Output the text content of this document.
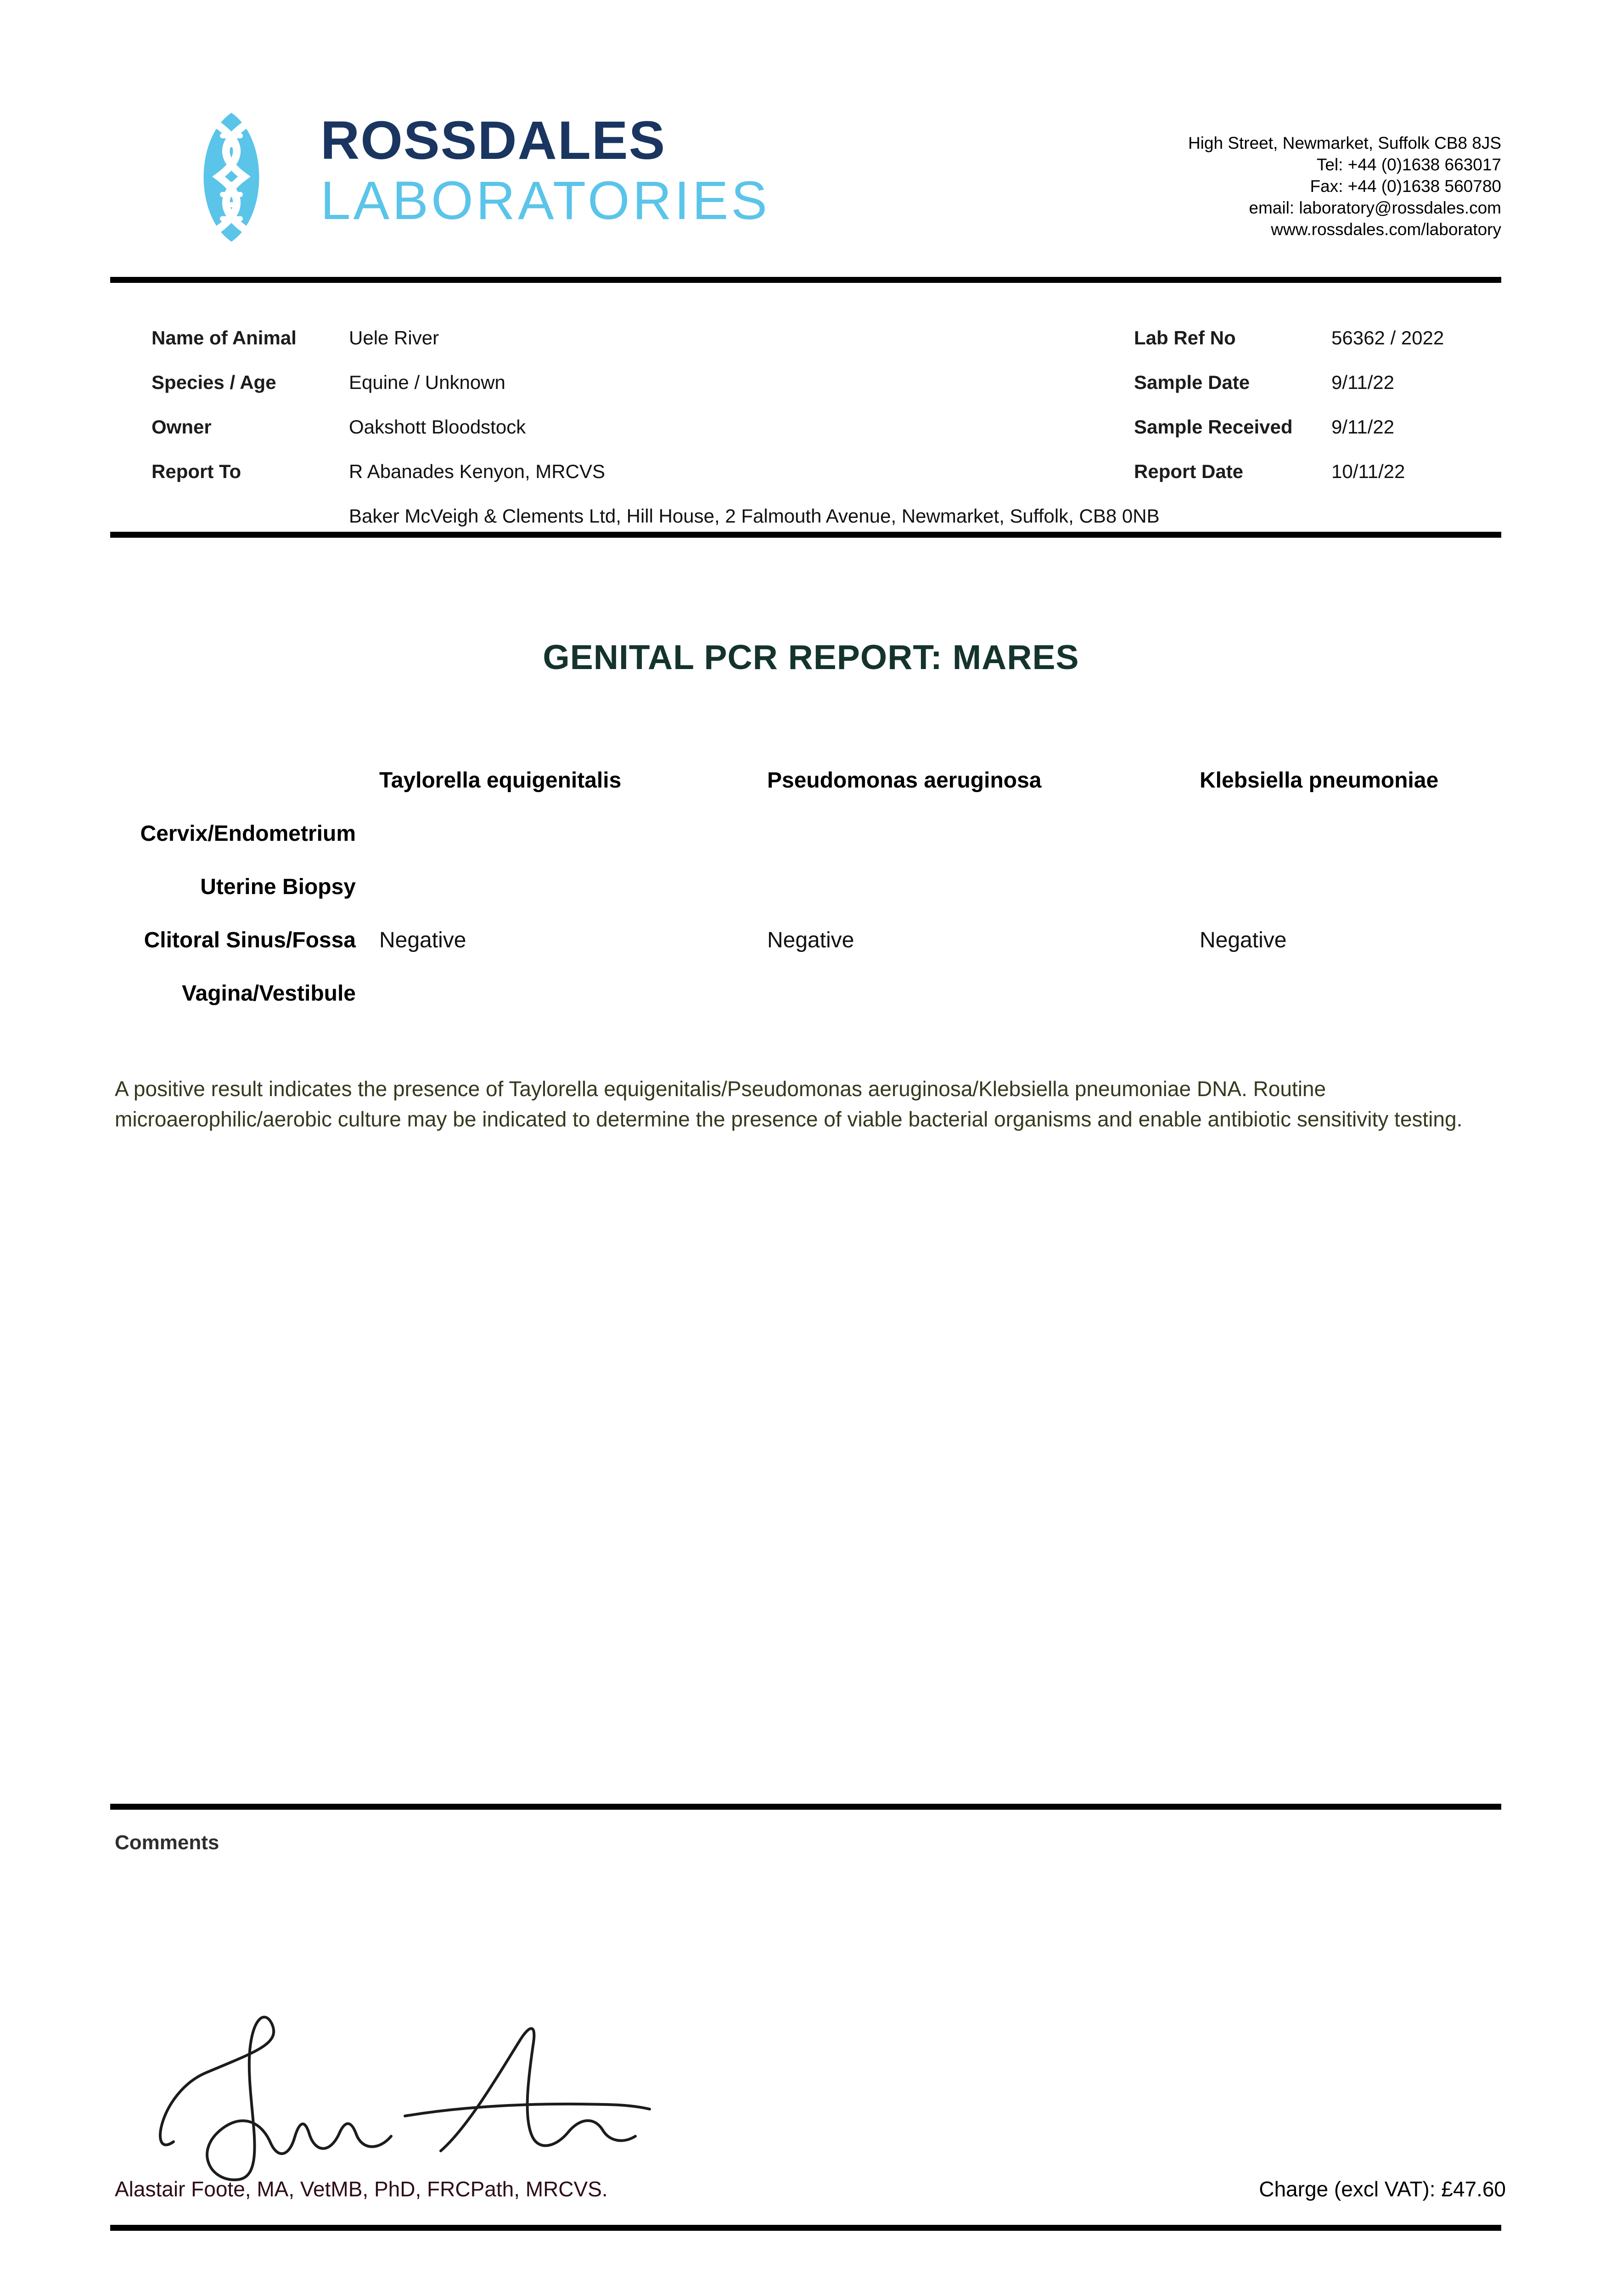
ROSSDALES
LABORATORIES
High Street, Newmarket, Suffolk CB8 8JS
Tel: +44 (0)1638 663017
Fax: +44 (0)1638 560780
email: laboratory@rossdales.com
www.rossdales.com/laboratory
Name of Animal	Uele River
Species / Age	Equine / Unknown
Owner	Oakshott Bloodstock
Report To	R Abanades Kenyon, MRCVS
Baker McVeigh & Clements Ltd, Hill House, 2 Falmouth Avenue, Newmarket, Suffolk, CB8 0NB
Lab Ref No	56362 / 2022
Sample Date	9/11/22
Sample Received 9/11/22
Report Date	10/11/22
GENITAL PCR REPORT: MARES
Taylorella equigenitalis	Pseudomonas aeruginosa	Klebsiella pneumoniae
Cervix/Endometrium
Uterine Biopsy
Clitoral Sinus/Fossa	Negative	Negative	Negative
Vagina/Vestibule
A positive result indicates the presence of Taylorella equigenitalis/Pseudomonas aeruginosa/Klebsiella pneumoniae DNA. Routine microaerophilic/aerobic culture may be indicated to determine the presence of viable bacterial organisms and enable antibiotic sensitivity testing.
Comments
Alastair Foote, MA, VetMB, PhD, FRCPath, MRCVS.	Charge (excl VAT): £47.60
